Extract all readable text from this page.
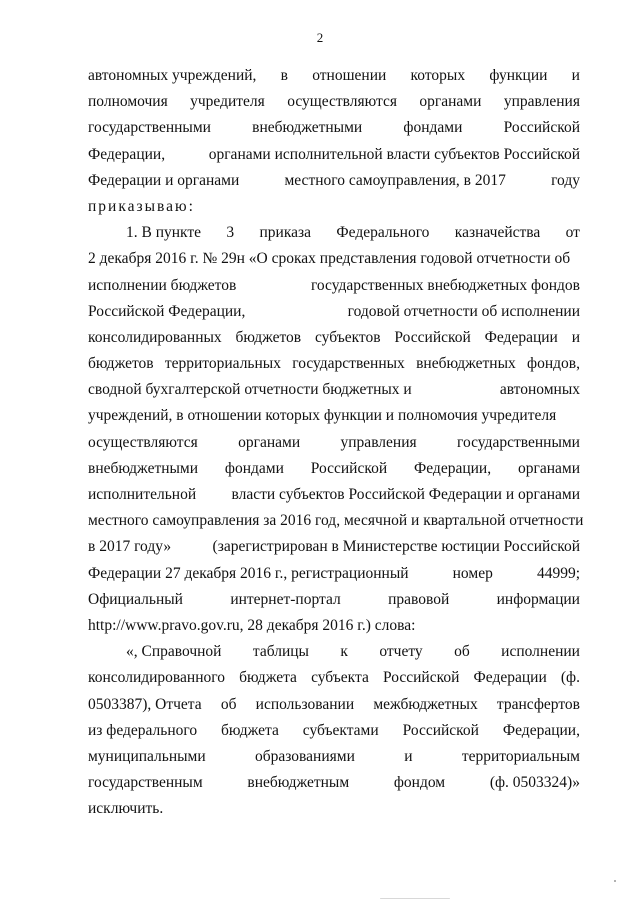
2
автономных учреждений, в отношении которых функции и
полномочия учредителя осуществляются органами управления
государственными	внебюджетными	фондами	Российской
Федерации,	органами исполнительной власти субъектов Российской
Федерации и органами	местного самоуправления, в 2017	году
приказываю:
1. В пункте 3 приказа Федерального казначейства от
2 декабря 2016 г. № 29н «О сроках представления годовой отчетности об
исполнении бюджетов	государственных внебюджетных фондов
Российской Федерации,	годовой отчетности об исполнении
консолидированных бюджетов субъектов Российской Федерации и
бюджетов территориальных государственных внебюджетных фондов,
сводной бухгалтерской отчетности бюджетных и	автономных
учреждений, в отношении которых функции и полномочия учредителя
осуществляются	органами	управления	государственными
внебюджетными фондами Российской Федерации, органами
исполнительной власти субъектов Российской Федерации и органами
местного самоуправления за 2016 год, месячной и квартальной отчетности
в 2017 году»	(зарегистрирован в Министерстве юстиции Российской
Федерации 27 декабря 2016 г., регистрационный	номер	44999;
Официальный	интернет-портал	правовой	информации
http://www.pravo.gov.ru, 28 декабря 2016 г.) слова:
«, Справочной таблицы к отчету об исполнении
консолидированного бюджета субъекта Российской Федерации (ф.
0503387), Отчета об использовании межбюджетных трансфертов
из федерального бюджета субъектами Российской Федерации,
муниципальными	образованиями	и	территориальным
государственным	внебюджетным	фондом	(ф. 0503324)»
исключить.
